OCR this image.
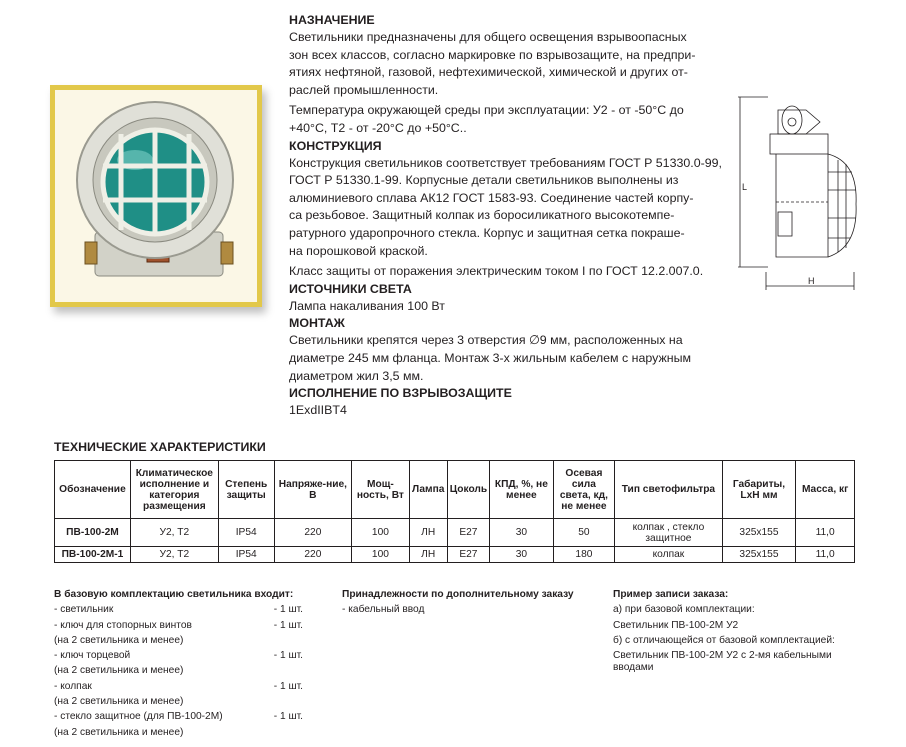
L
Н
НАЗНАЧЕНИЕ

Светильники предназначены для общего освещения взрывоопасных

зон всех классов, согласно маркировке по взрывозащите, на предпри-

ятиях нефтяной, газовой, нефтехимической, химической и других от-

раслей промышленности.

Температура окружающей среды при эксплуатации: У2 - от -50°С до

+40°С, Т2 - от -20°С до +50°С..

КОНСТРУКЦИЯ

Конструкция светильников соответствует требованиям ГОСТ Р 51330.0-99,

ГОСТ Р 51330.1-99. Корпусные детали светильников выполнены из

алюминиевого сплава АК12 ГОСТ 1583-93. Соединение частей корпу-

са резьбовое. Защитный колпак из боросиликатного высокотемпе-

ратурного ударопрочного стекла. Корпус и защитная сетка покраше-

на порошковой краской.

Класс защиты от поражения электрическим током I по ГОСТ 12.2.007.0.

ИСТОЧНИКИ СВЕТА

Лампа накаливания 100 Вт

МОНТАЖ

Светильники крепятся через 3 отверстия ∅9 мм, расположенных на

диаметре 245 мм фланца. Монтаж 3-х жильным кабелем с наружным

диаметром жил 3,5 мм.

ИСПОЛНЕНИЕ ПО ВЗРЫВОЗАЩИТЕ

1ExdIIBT4

ТЕХНИЧЕСКИЕ ХАРАКТЕРИСТИКИ
Обозначение	Климатическое исполнение и категория размещения	Степень защиты	Напряже-ние, В	Мощ-ность, Вт	Лампа	Цоколь	КПД, %, не менее	Осевая сила света, кд, не менее	Тип светофильтра	Габариты, LxH мм	Масса, кг
ПВ-100-2М	У2, Т2	IP54	220	100	ЛН	Е27	30	50	колпак , стекло защитное	325х155	11,0
ПВ-100-2М-1	У2, Т2	IP54	220	100	ЛН	Е27	30	180	колпак	325х155	11,0
В базовую комплектацию светильника входит:
- светильник	- 1 шт.
- ключ для стопорных винтов	- 1 шт.
(на 2 светильника и менее)
- ключ торцевой	- 1 шт.
(на 2 светильника и менее)
- колпак	- 1 шт.
(на 2 светильника и менее)
- стекло защитное (для ПВ-100-2М)	- 1 шт.
(на 2 светильника и менее)
Принадлежности по дополнительному заказу
- кабельный ввод
Пример записи заказа:
а) при базовой комплектации:
Светильник ПВ-100-2М У2
б) с отличающейся от базовой комплектацией:
Светильник ПВ-100-2М У2 с 2-мя кабельными вводами
